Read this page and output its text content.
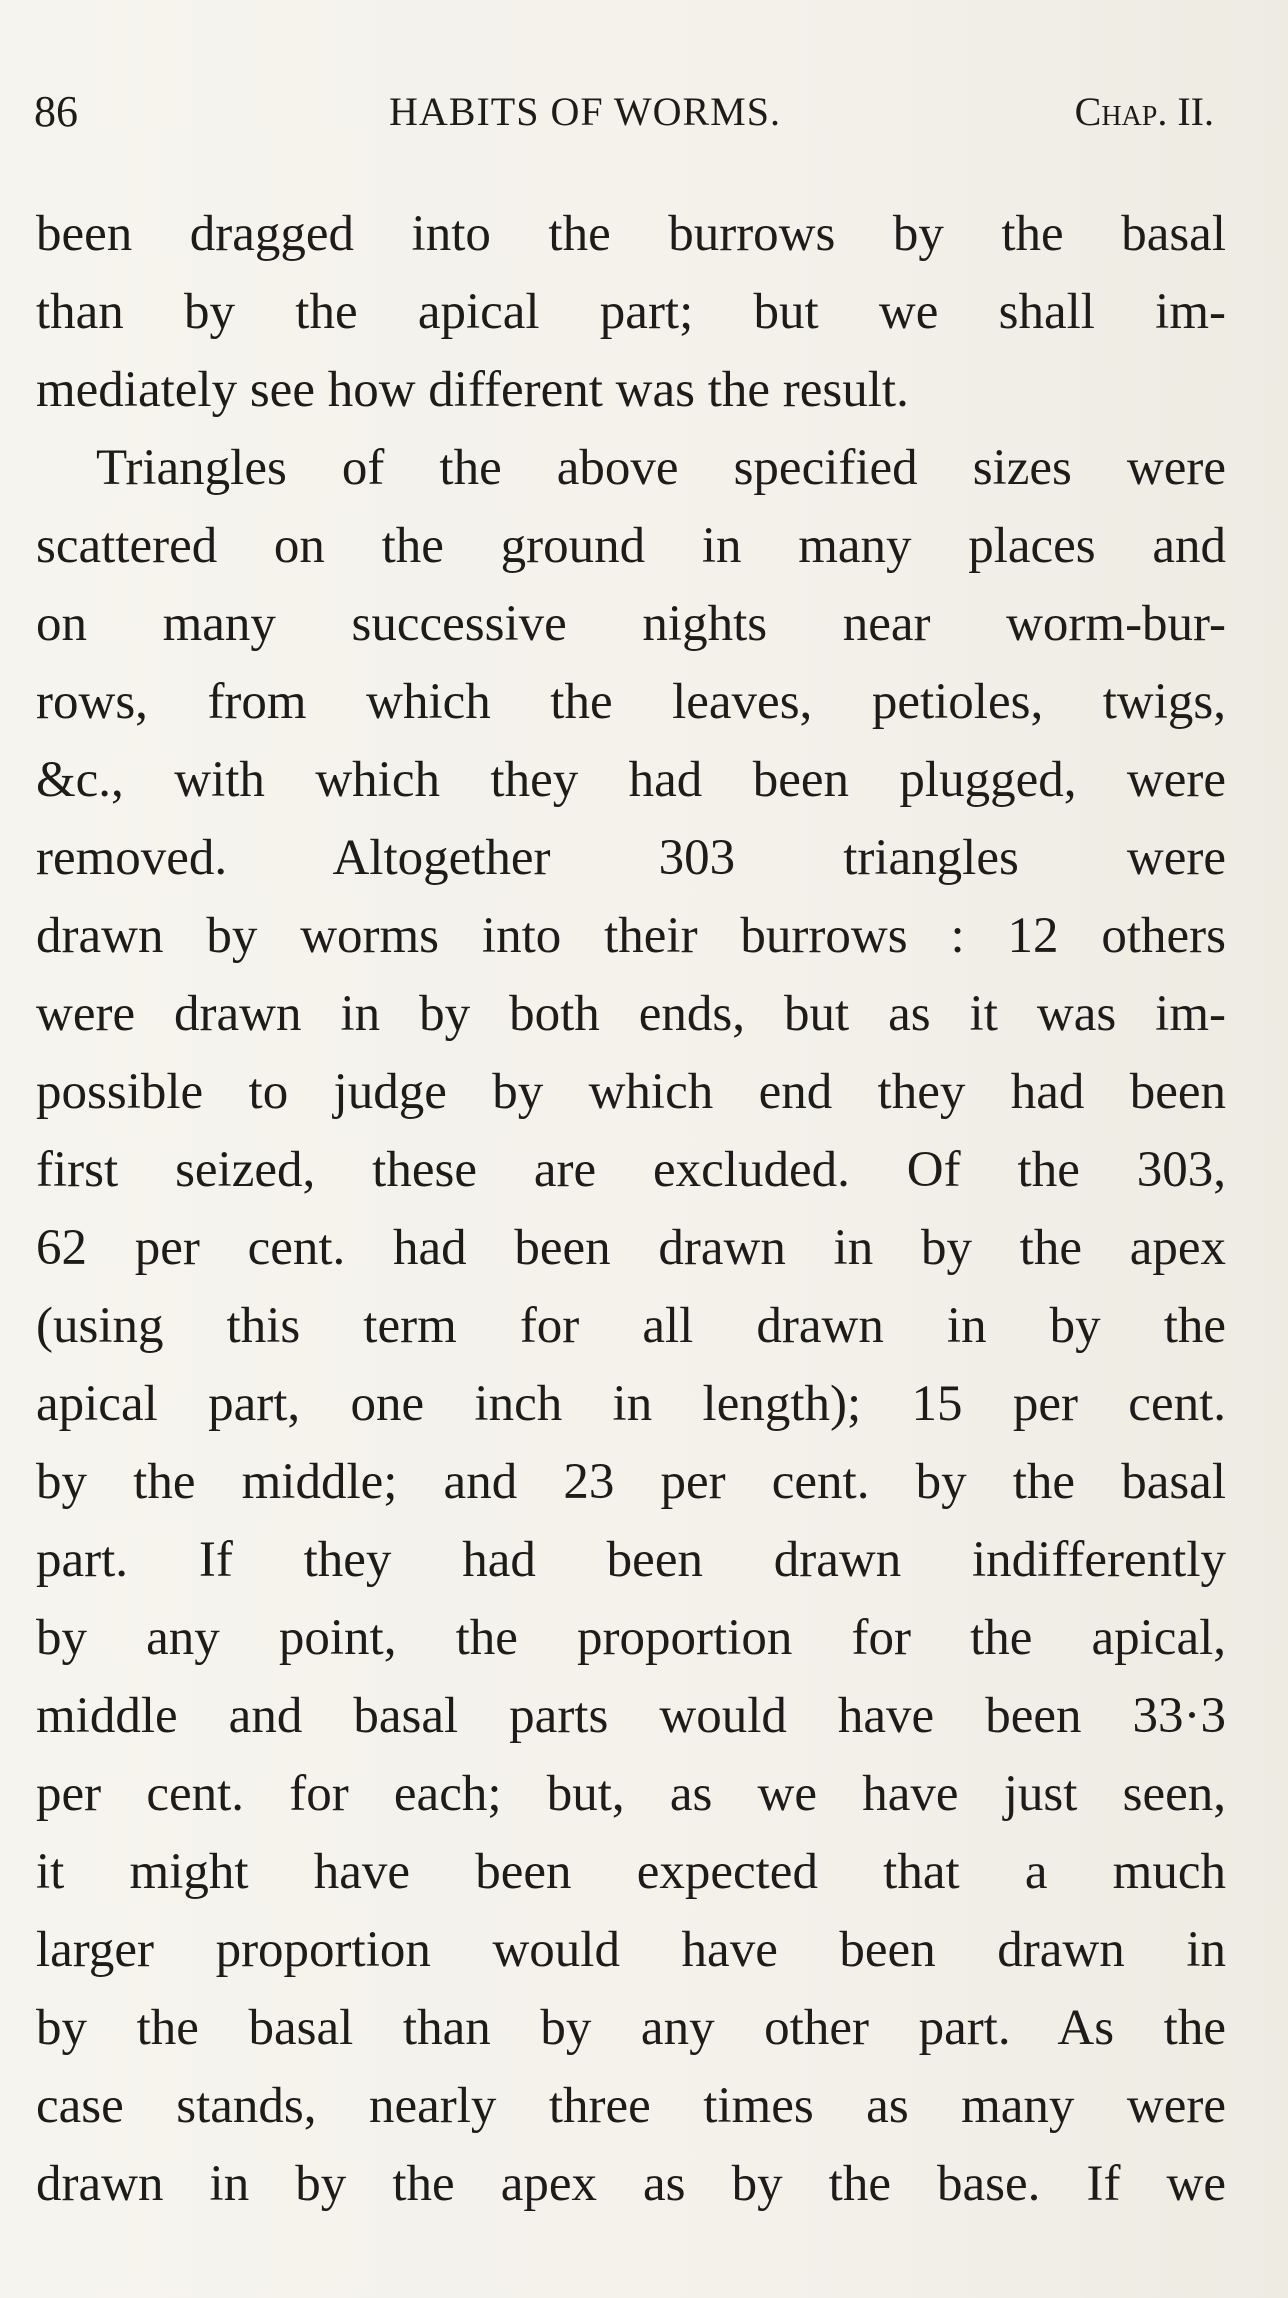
86	HABITS OF WORMS.	Chap. II.
been dragged into the burrows by the basal
than by the apical part; but we shall im-
mediately see how different was the result.
Triangles of the above specified sizes were
scattered on the ground in many places and
on many successive nights near worm-bur-
rows, from which the leaves, petioles, twigs,
&c., with which they had been plugged, were
removed. Altogether 303 triangles were
drawn by worms into their burrows : 12 others
were drawn in by both ends, but as it was im-
possible to judge by which end they had been
first seized, these are excluded. Of the 303,
62 per cent. had been drawn in by the apex
(using this term for all drawn in by the
apical part, one inch in length); 15 per cent.
by the middle; and 23 per cent. by the basal
part. If they had been drawn indifferently
by any point, the proportion for the apical,
middle and basal parts would have been 33·3
per cent. for each; but, as we have just seen,
it might have been expected that a much
larger proportion would have been drawn in
by the basal than by any other part. As the
case stands, nearly three times as many were
drawn in by the apex as by the base. If we
